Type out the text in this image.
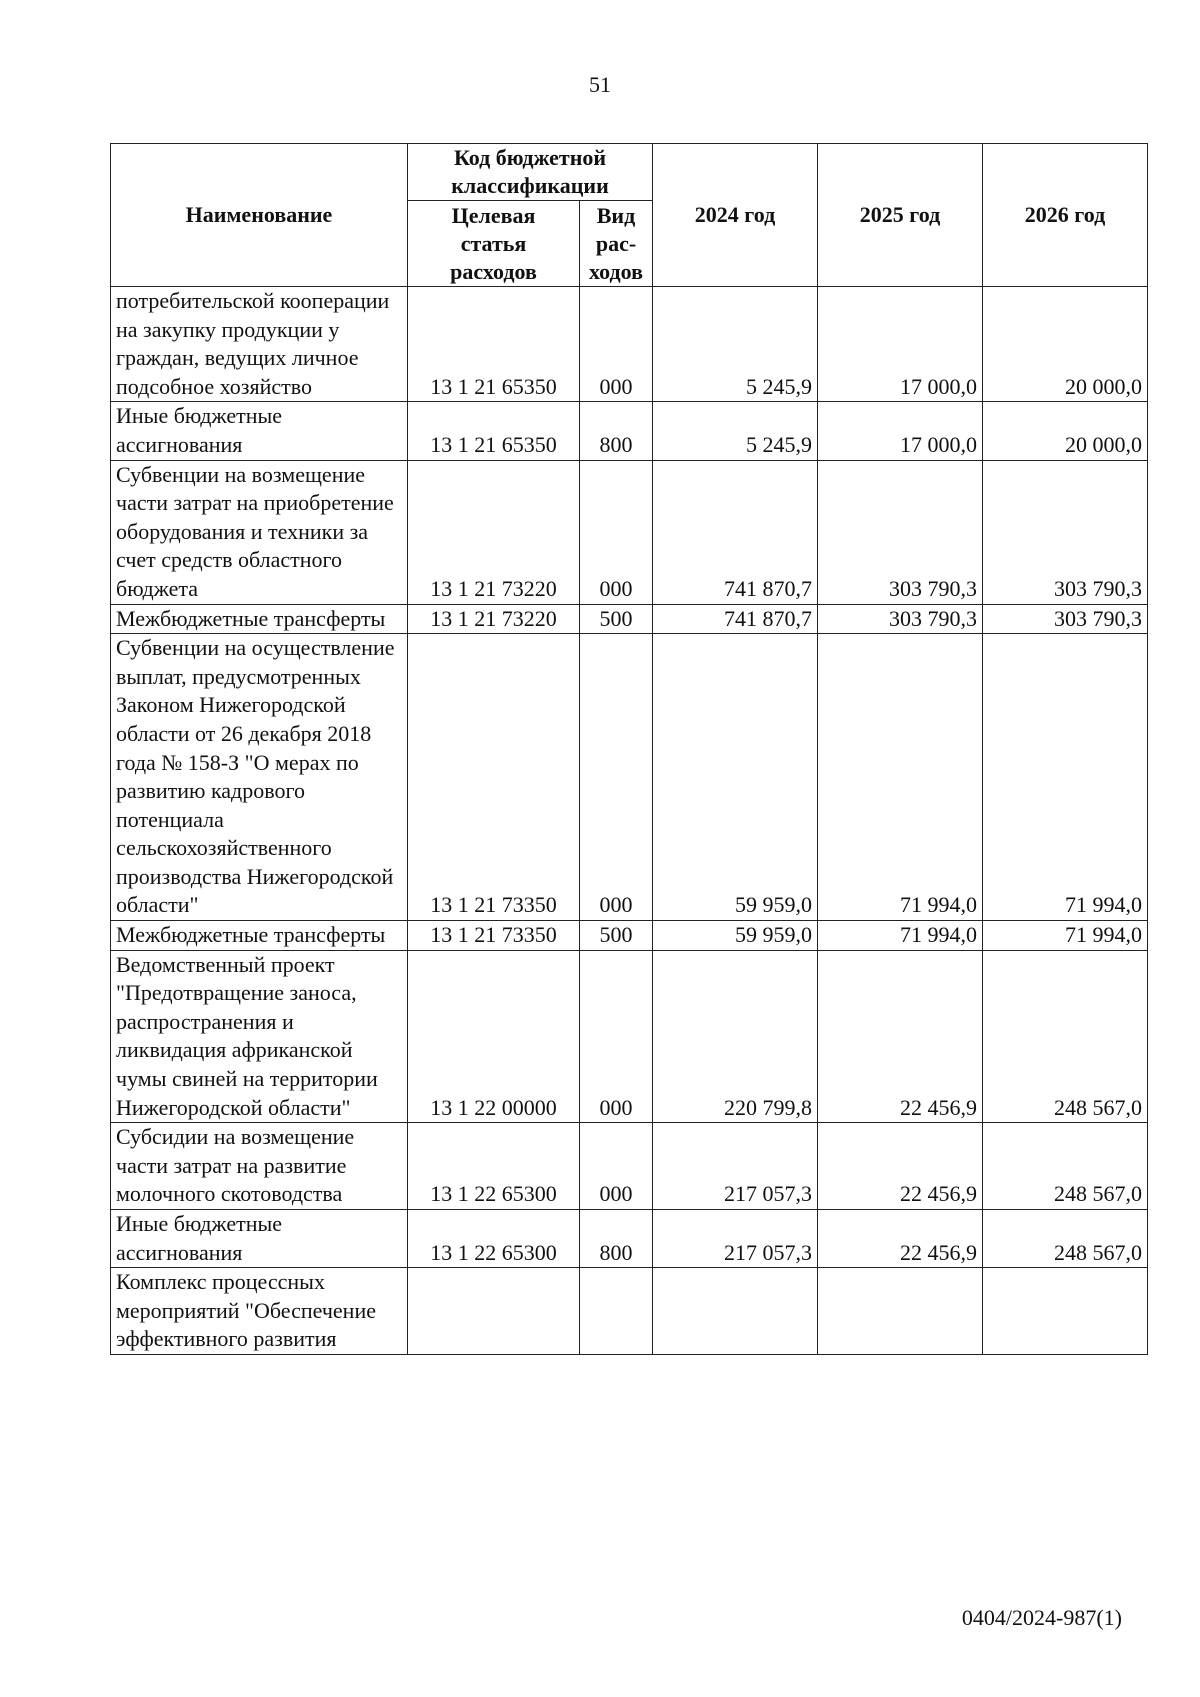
51
Наименование	Код бюджетной классификации		2024 год	2025 год	2026 год
	Целевая статья расходов	Вид рас-ходов			
потребительской кооперации на закупку продукции у граждан, ведущих личное подсобное хозяйство	13 1 21 65350	000	5 245,9	17 000,0	20 000,0
Иные бюджетные ассигнования	13 1 21 65350	800	5 245,9	17 000,0	20 000,0
Субвенции на возмещение части затрат на приобретение оборудования и техники за счет средств областного бюджета	13 1 21 73220	000	741 870,7	303 790,3	303 790,3
Межбюджетные трансферты	13 1 21 73220	500	741 870,7	303 790,3	303 790,3
Субвенции на осуществление выплат, предусмотренных Законом Нижегородской области от 26 декабря 2018 года № 158-З "О мерах по развитию кадрового потенциала сельскохозяйственного производства Нижегородской области"	13 1 21 73350	000	59 959,0	71 994,0	71 994,0
Межбюджетные трансферты	13 1 21 73350	500	59 959,0	71 994,0	71 994,0
Ведомственный проект "Предотвращение заноса, распространения и ликвидация африканской чумы свиней на территории Нижегородской области"	13 1 22 00000	000	220 799,8	22 456,9	248 567,0
Субсидии на возмещение части затрат на развитие молочного скотоводства	13 1 22 65300	000	217 057,3	22 456,9	248 567,0
Иные бюджетные ассигнования	13 1 22 65300	800	217 057,3	22 456,9	248 567,0
Комплекс процессных мероприятий "Обеспечение эффективного развития					
0404/2024-987(1)
